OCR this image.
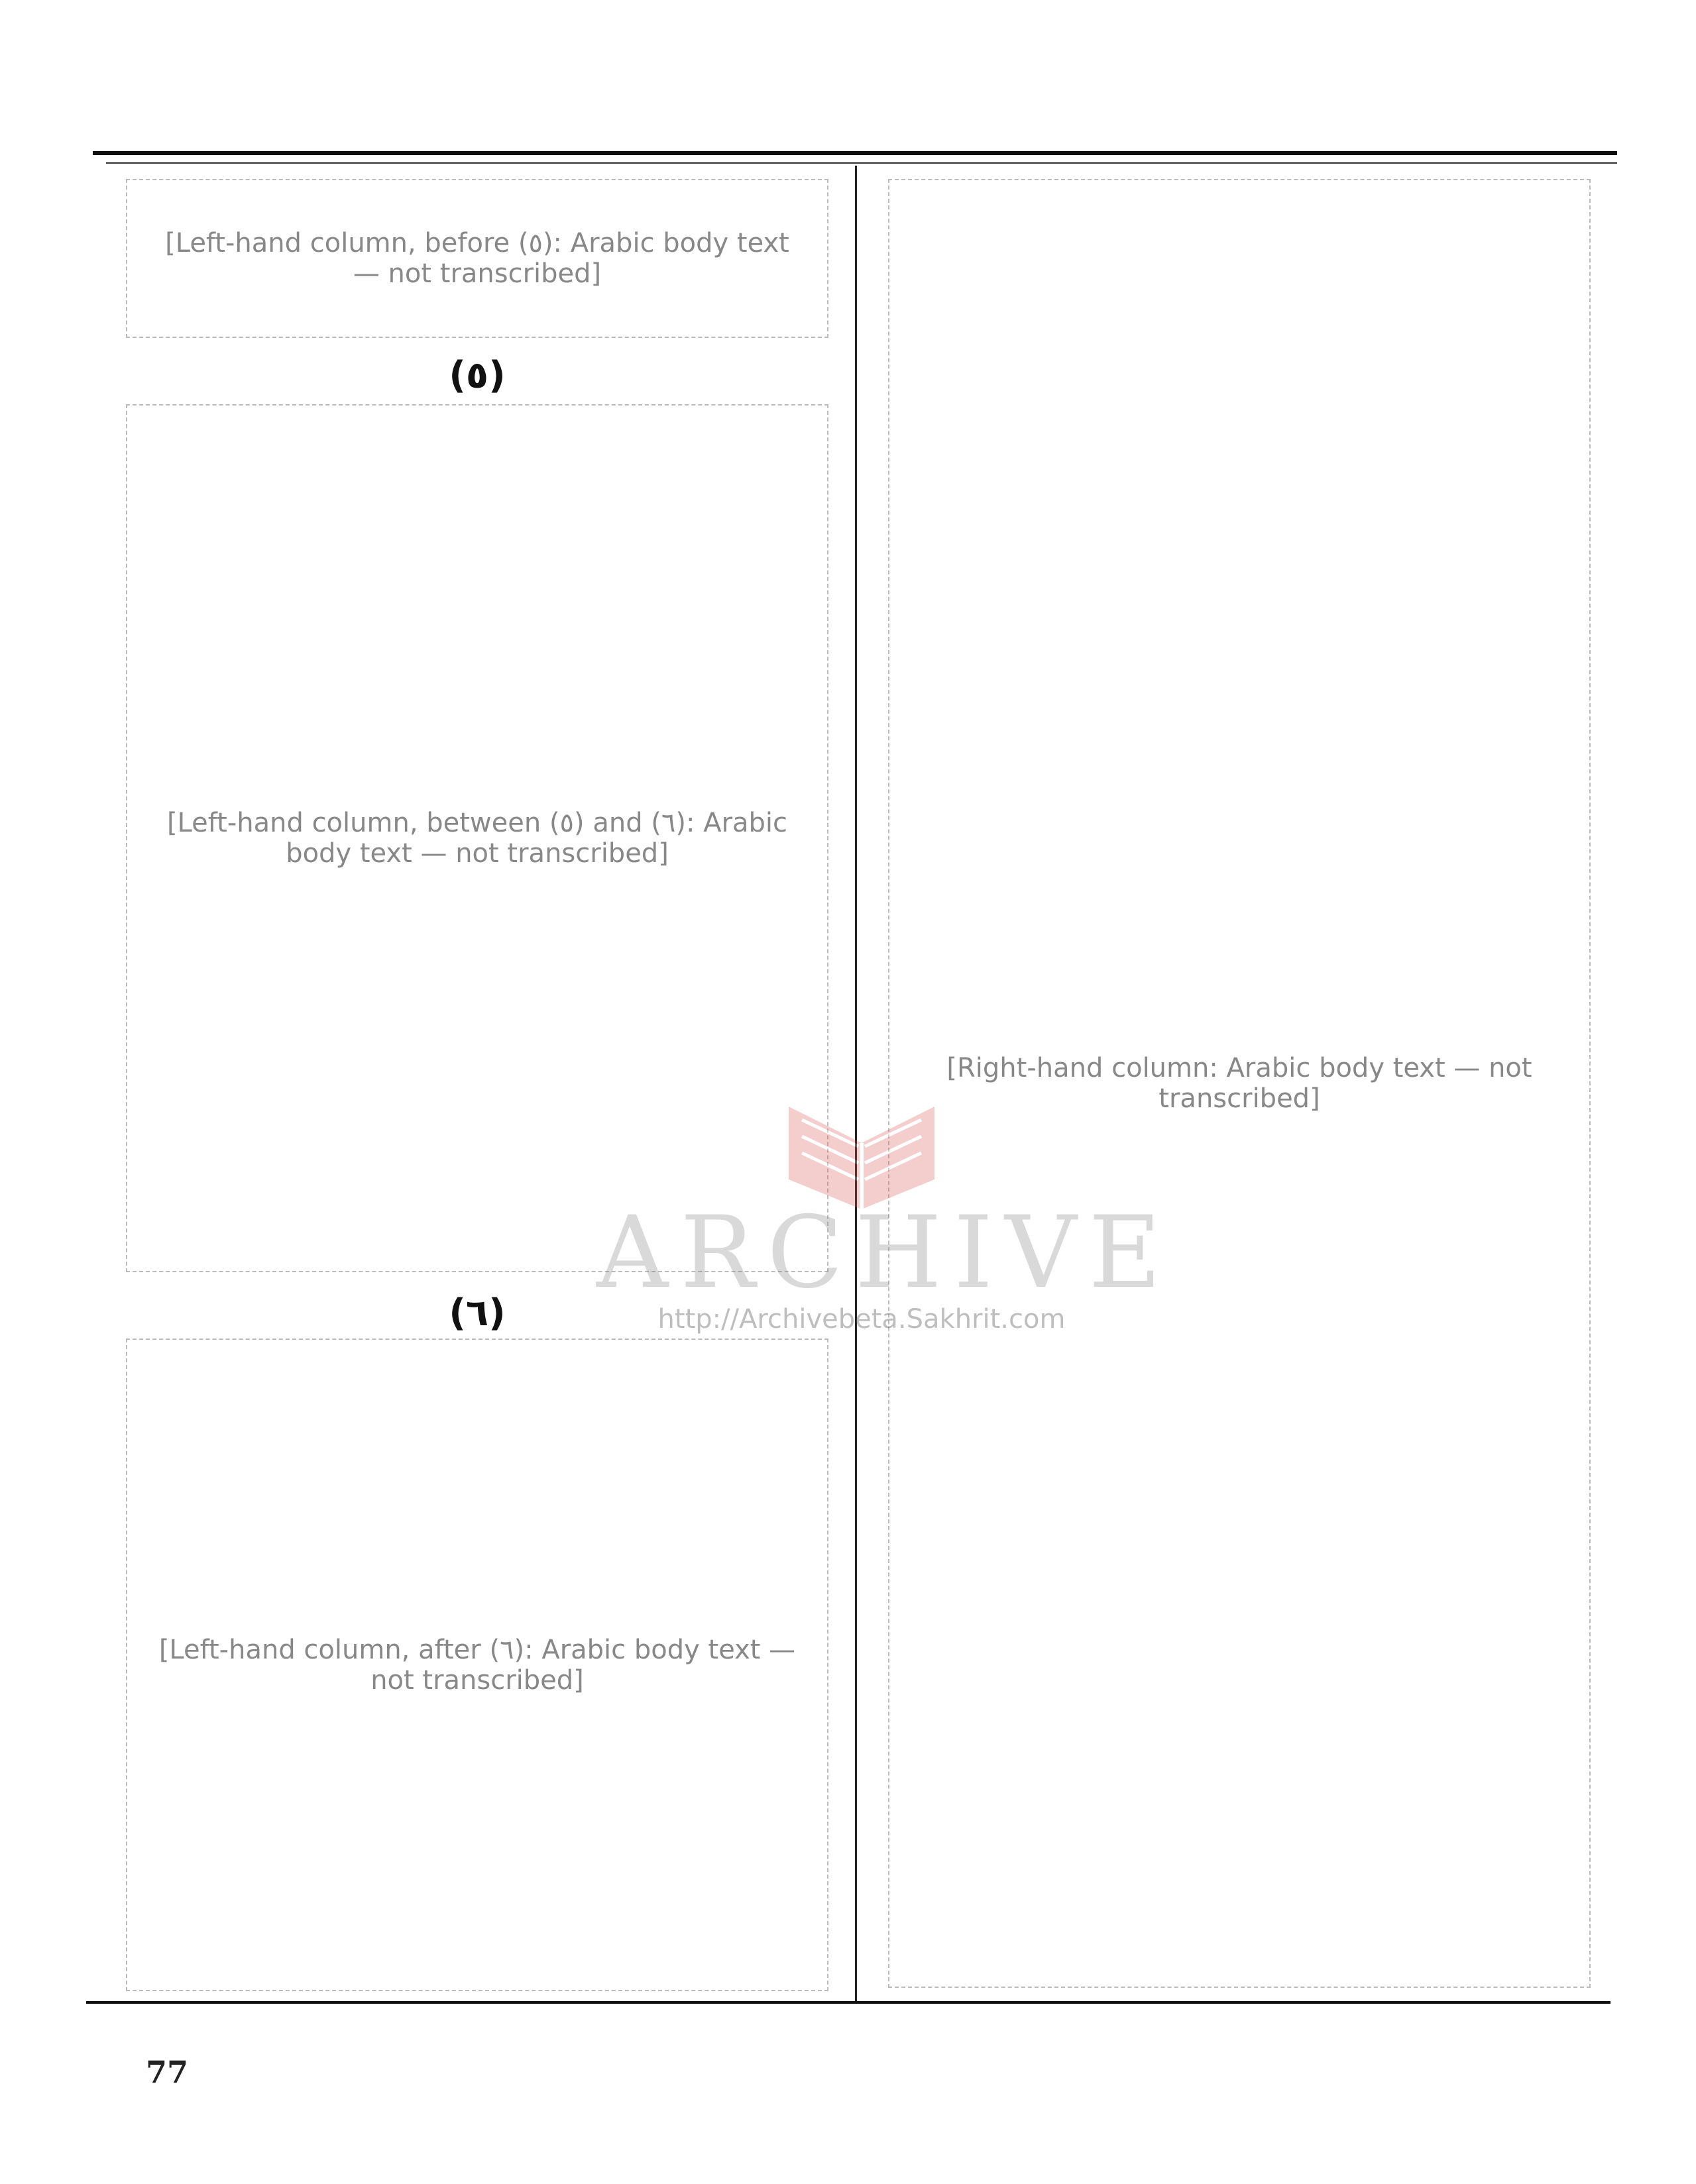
[Right-hand column: Arabic body text — not transcribed]
[Left-hand column, before (٥): Arabic body text — not transcribed]
(٥)
[Left-hand column, between (٥) and (٦): Arabic body text — not transcribed]
(٦)
[Left-hand column, after (٦): Arabic body text — not transcribed]
ARCHIVE
http://Archivebeta.Sakhrit.com
77
